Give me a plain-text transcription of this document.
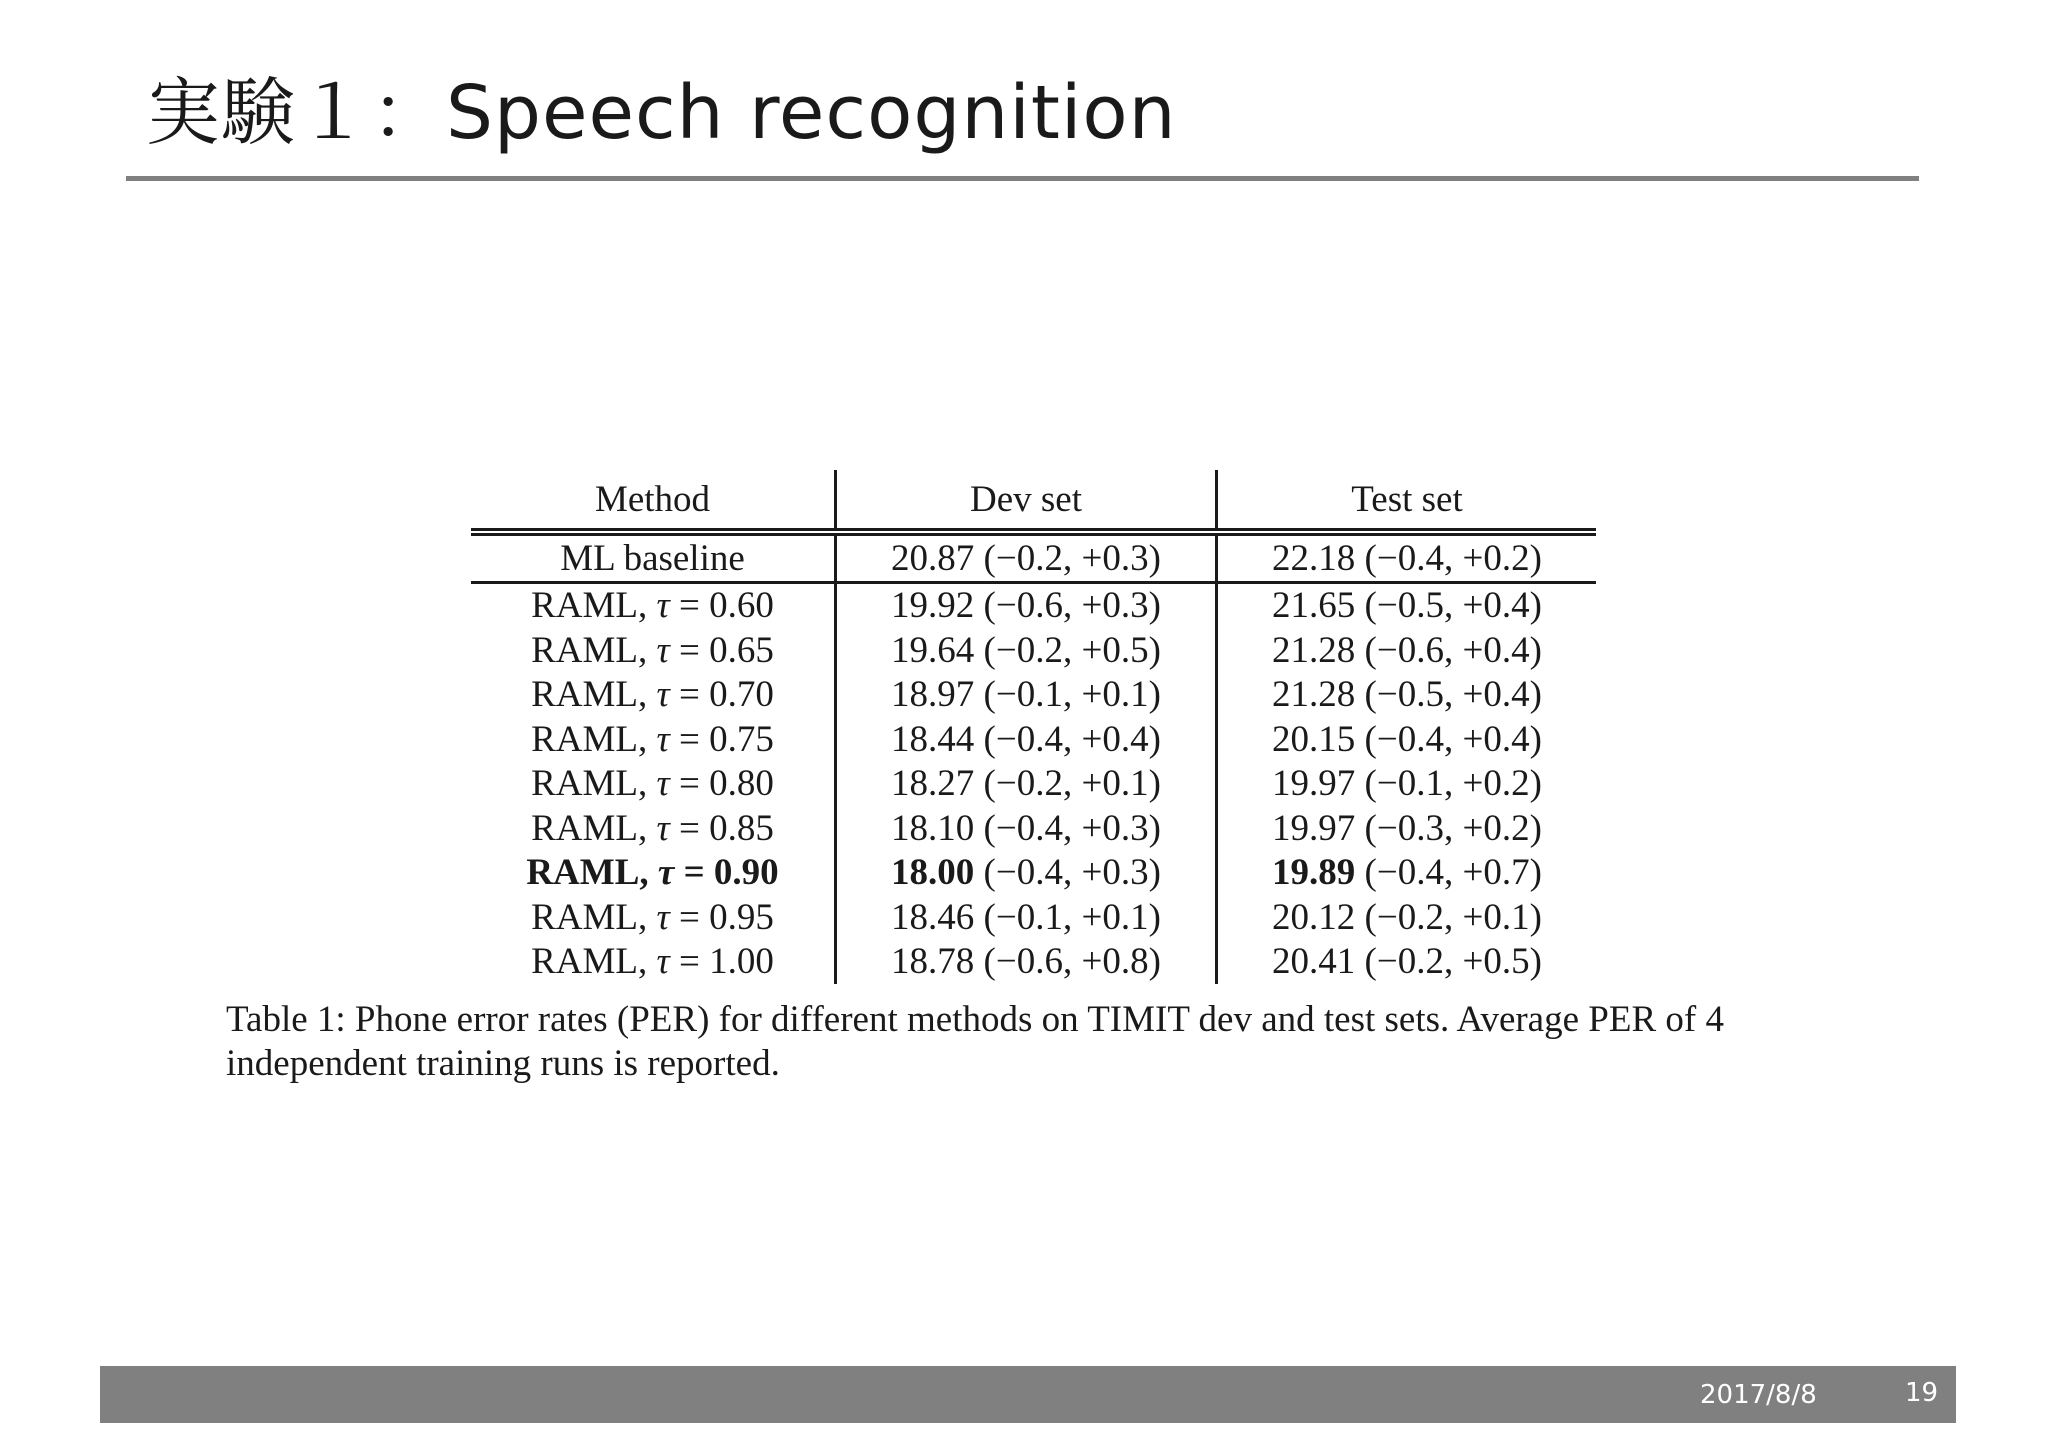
実験１：Speech recognition
Method	Dev set	Test set
ML baseline	20.87 (−0.2, +0.3)	22.18 (−0.4, +0.2)
RAML, τ = 0.60	19.92 (−0.6, +0.3)	21.65 (−0.5, +0.4)
RAML, τ = 0.65	19.64 (−0.2, +0.5)	21.28 (−0.6, +0.4)
RAML, τ = 0.70	18.97 (−0.1, +0.1)	21.28 (−0.5, +0.4)
RAML, τ = 0.75	18.44 (−0.4, +0.4)	20.15 (−0.4, +0.4)
RAML, τ = 0.80	18.27 (−0.2, +0.1)	19.97 (−0.1, +0.2)
RAML, τ = 0.85	18.10 (−0.4, +0.3)	19.97 (−0.3, +0.2)
RAML, τ = 0.90	18.00 (−0.4, +0.3)	19.89 (−0.4, +0.7)
RAML, τ = 0.95	18.46 (−0.1, +0.1)	20.12 (−0.2, +0.1)
RAML, τ = 1.00	18.78 (−0.6, +0.8)	20.41 (−0.2, +0.5)
Table 1: Phone error rates (PER) for different methods on TIMIT dev and test sets. Average PER of 4 independent training runs is reported.
2017/8/8	19
